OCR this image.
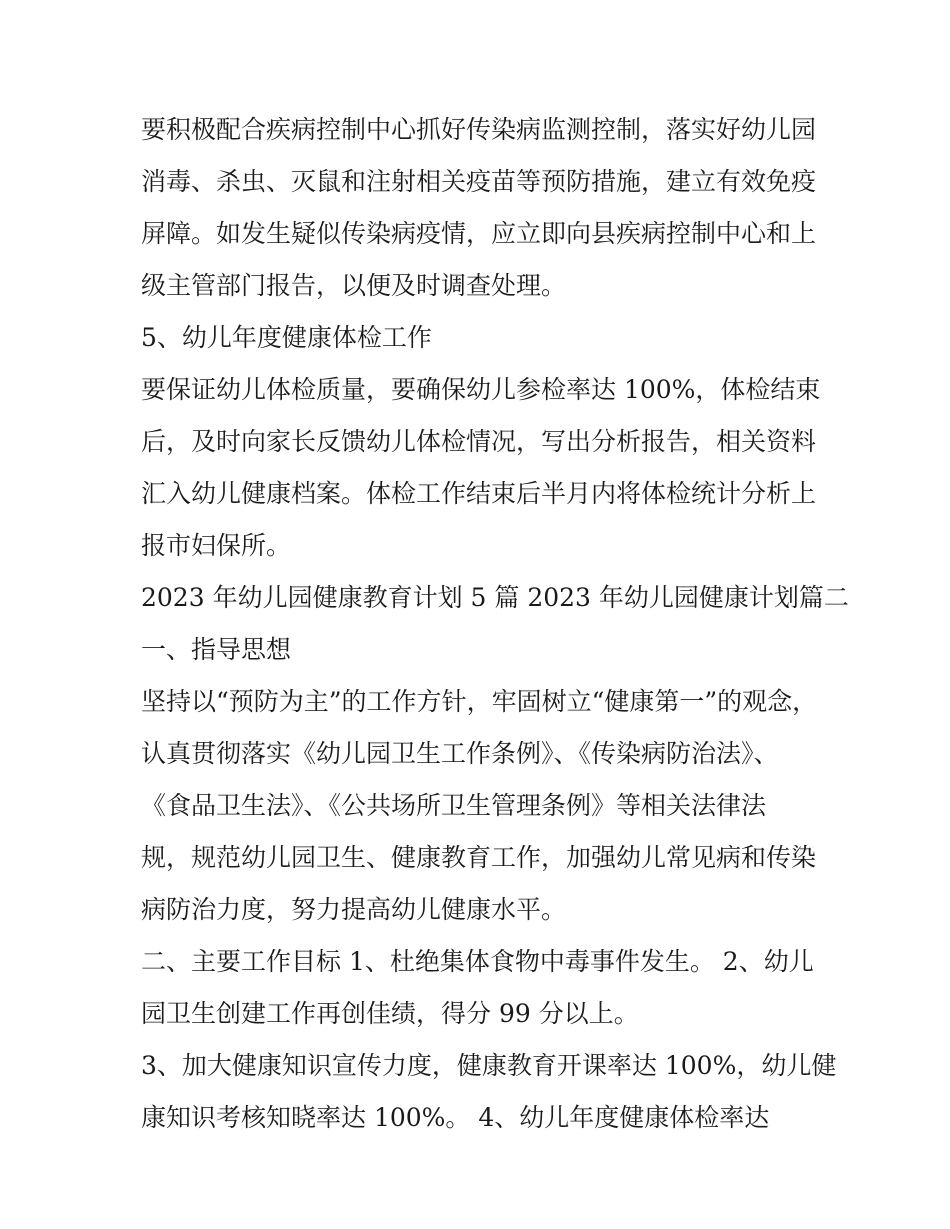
要积极配合疾病控制中心抓好传染病监测控制，落实好幼儿园
消毒、杀虫、灭鼠和注射相关疫苗等预防措施，建立有效免疫
屏障。如发生疑似传染病疫情，应立即向县疾病控制中心和上
级主管部门报告，以便及时调查处理。
5、幼儿年度健康体检工作
要保证幼儿体检质量，要确保幼儿参检率达 100%，体检结束
后，及时向家长反馈幼儿体检情况，写出分析报告，相关资料
汇入幼儿健康档案。体检工作结束后半月内将体检统计分析上
报市妇保所。
2023 年幼儿园健康教育计划 5 篇 2023 年幼儿园健康计划篇二
一、指导思想
坚持以“预防为主”的工作方针，牢固树立“健康第一”的观念，
认真贯彻落实《幼儿园卫生工作条例》、《传染病防治法》、
《食品卫生法》、《公共场所卫生管理条例》等相关法律法
规，规范幼儿园卫生、健康教育工作，加强幼儿常见病和传染
病防治力度，努力提高幼儿健康水平。
二、主要工作目标 1、杜绝集体食物中毒事件发生。 2、幼儿
园卫生创建工作再创佳绩，得分 99 分以上。
3、加大健康知识宣传力度，健康教育开课率达 100%，幼儿健
康知识考核知晓率达 100%。 4、幼儿年度健康体检率达
